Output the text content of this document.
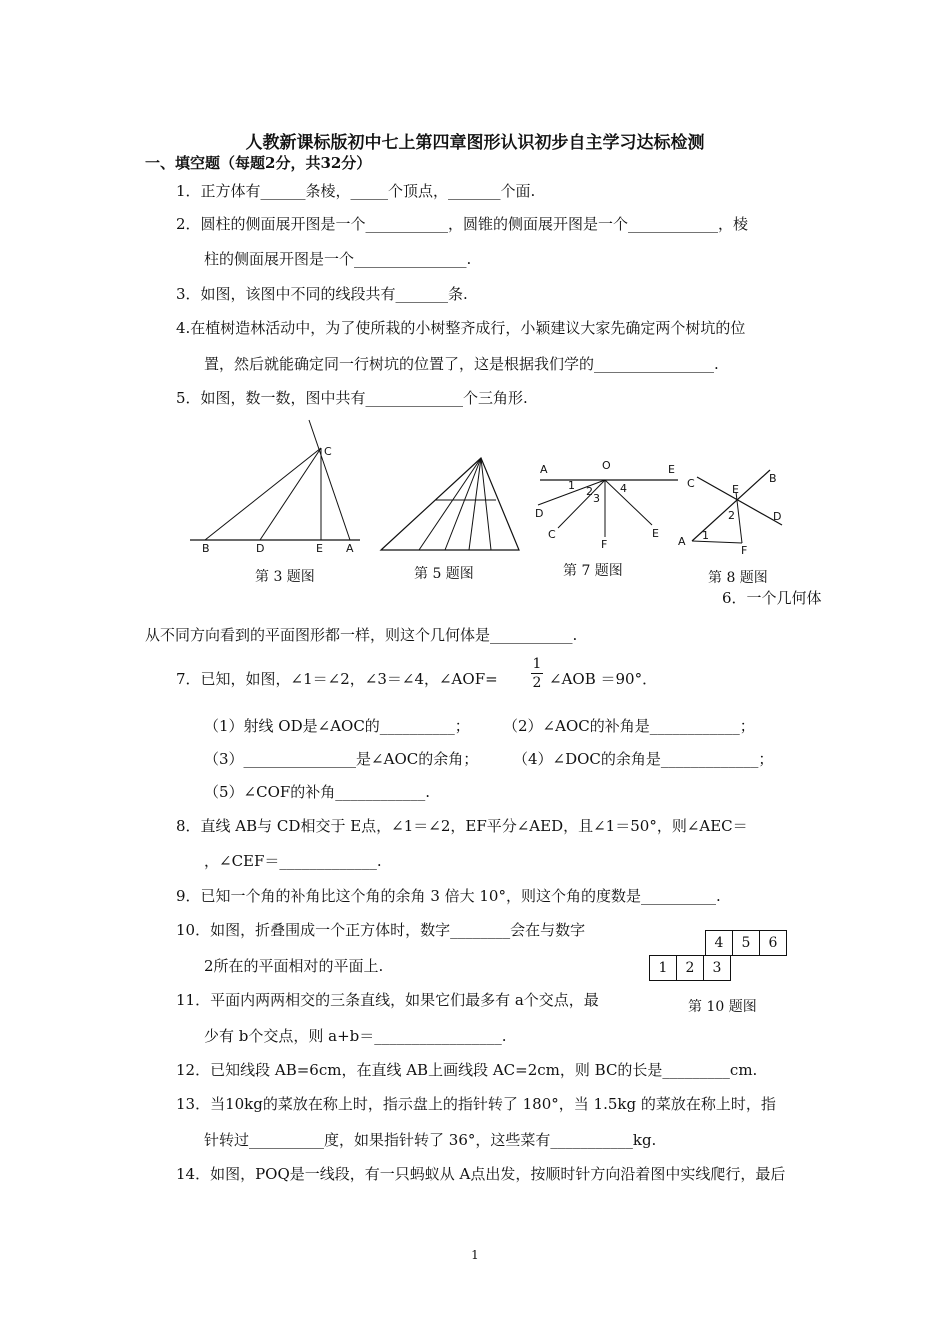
人教新课标版初中七上第四章图形认识初步自主学习达标检测
一、填空题（每题2分，共32分）
1．正方体有______条棱，_____个顶点，_______个面.
2．圆柱的侧面展开图是一个___________，圆锥的侧面展开图是一个____________，棱
柱的侧面展开图是一个_______________.
3．如图，该图中不同的线段共有_______条.
4.在植树造林活动中，为了使所栽的小树整齐成行，小颖建议大家先确定两个树坑的位
置，然后就能确定同一行树坑的位置了，这是根据我们学的________________.
5．如图，数一数，图中共有_____________个三角形.
C
B	D	E A
第 3 题图	第 5 题图
A	O	E
D
C
F
E
1 2
3
4
第 7 题图
C	E
B
D
A
F
1
2
第 8 题图
6．一个几何体
从不同方向看到的平面图形都一样，则这个几何体是___________.
7．已知，如图，∠1＝∠2，∠3＝∠4，∠AOF=
1
2 ∠AOB ＝90°．
（1）射线 OD是∠AOC的__________； （2）∠AOC的补角是____________；
（3）_______________是∠AOC的余角； （4）∠DOC的余角是_____________；
（5）∠COF的补角____________.
8．直线 AB与 CD相交于 E点，∠1＝∠2，EF平分∠AED，且∠1＝50°，则∠AEC＝
，∠CEF＝_____________.
9．已知一个角的补角比这个角的余角 3 倍大 10°，则这个角的度数是__________.
10．如图，折叠围成一个正方体时，数字________会在与数字
2所在的平面相对的平面上.
11．平面内两两相交的三条直线，如果它们最多有 a个交点，最
少有 b个交点，则 a+b＝_________________.
12．已知线段 AB=6cm，在直线 AB上画线段 AC=2cm，则 BC的长是_________cm.
13．当10kg的菜放在称上时，指示盘上的指针转了 180°，当 1.5kg 的菜放在称上时，指
针转过__________度，如果指针转了 36°，这些菜有___________kg.
14．如图，POQ是一线段，有一只蚂蚁从 A点出发，按顺时针方向沿着图中实线爬行，最后
4	5	6
1	2	3
第 10 题图
1
